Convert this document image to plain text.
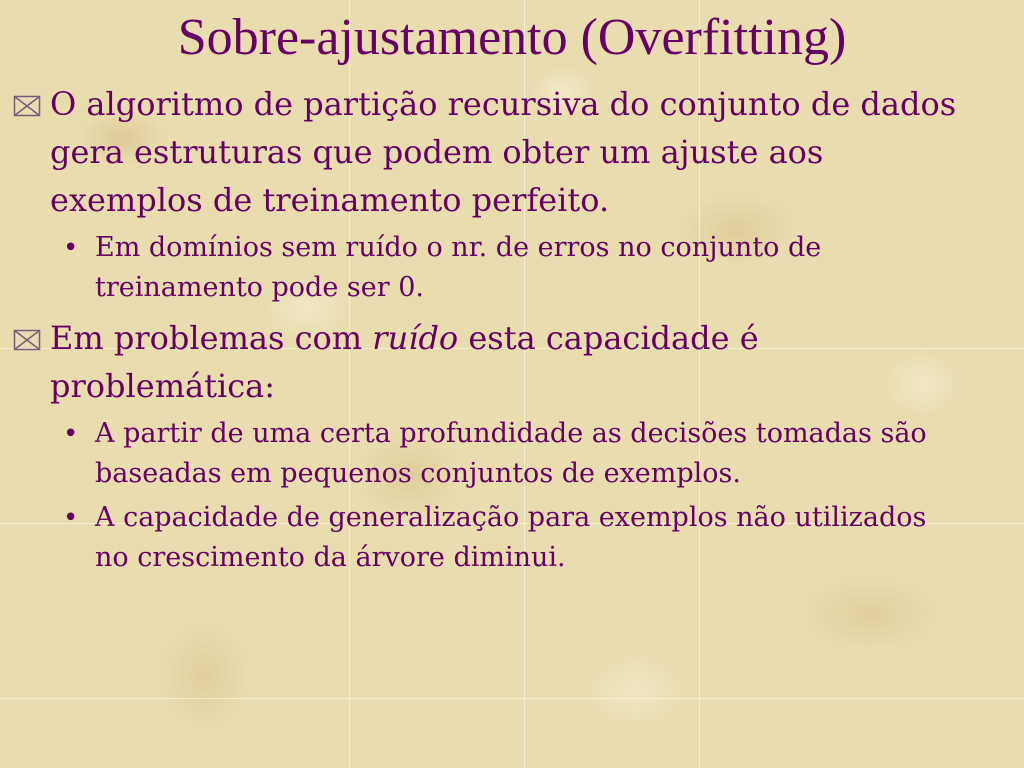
Sobre-ajustamento (Overfitting)

O algoritmo de partição recursiva do conjunto de dados gera estruturas que podem obter um ajuste aos exemplos de treinamento perfeito.

• Em domínios sem ruído o nr. de erros no conjunto de treinamento pode ser 0.

Em problemas com ruído esta capacidade é problemática:

• A partir de uma certa profundidade as decisões tomadas são baseadas em pequenos conjuntos de exemplos.

• A capacidade de generalização para exemplos não utilizados no crescimento da árvore diminui.
